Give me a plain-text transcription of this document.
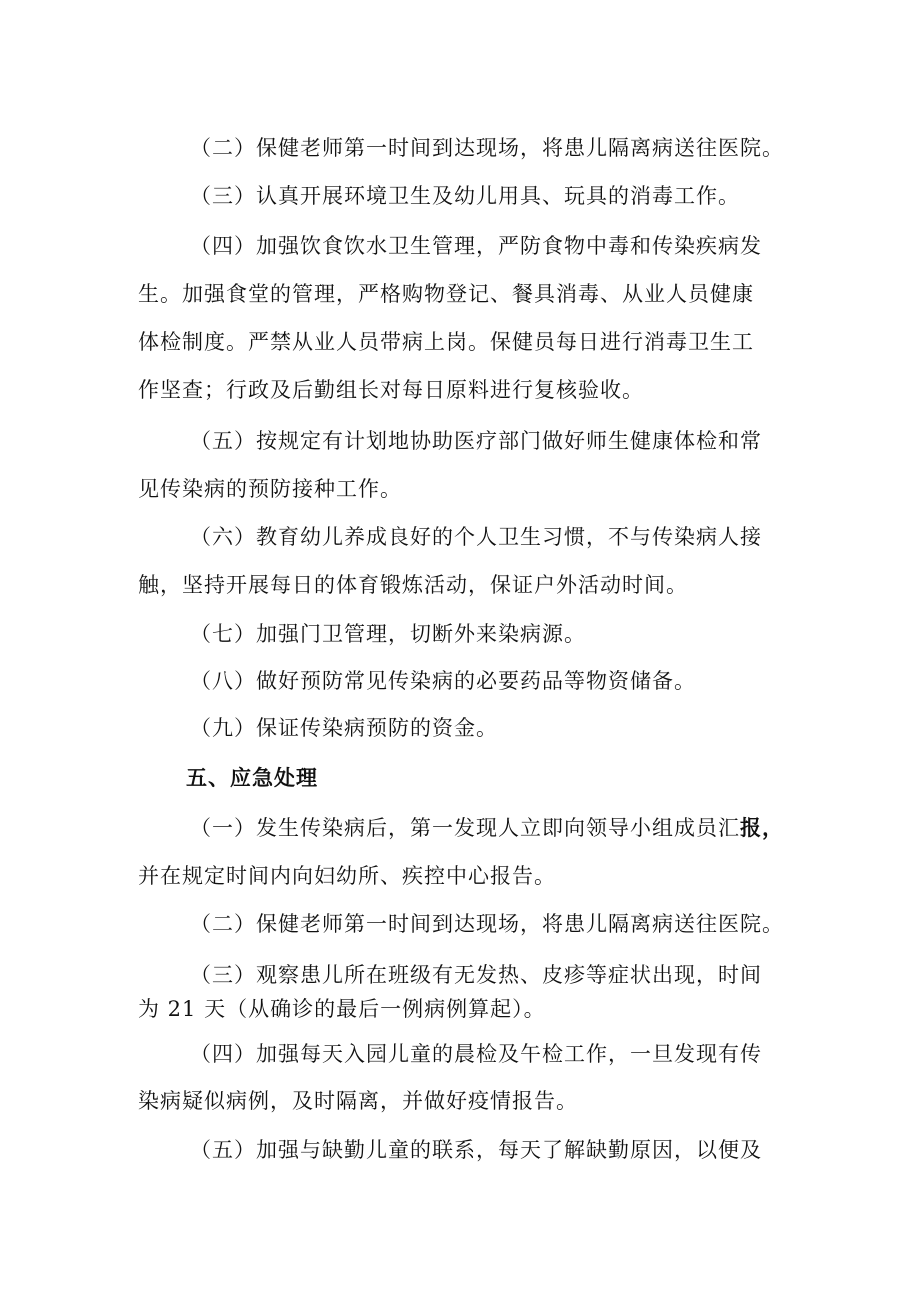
（二）保健老师第一时间到达现场，将患儿隔离病送往医院。
（三）认真开展环境卫生及幼儿用具、玩具的消毒工作。
（四）加强饮食饮水卫生管理，严防食物中毒和传染疾病发
生。加强食堂的管理，严格购物登记、餐具消毒、从业人员健康
体检制度。严禁从业人员带病上岗。保健员每日进行消毒卫生工
作坚查；行政及后勤组长对每日原料进行复核验收。
（五）按规定有计划地协助医疗部门做好师生健康体检和常
见传染病的预防接种工作。
（六）教育幼儿养成良好的个人卫生习惯，不与传染病人接
触，坚持开展每日的体育锻炼活动，保证户外活动时间。
（七）加强门卫管理，切断外来染病源。
（八）做好预防常见传染病的必要药品等物资储备。
（九）保证传染病预防的资金。
五、应急处理
（一）发生传染病后，第一发现人立即向领导小组成员汇报，
并在规定时间内向妇幼所、疾控中心报告。
（二）保健老师第一时间到达现场，将患儿隔离病送往医院。
（三）观察患儿所在班级有无发热、皮疹等症状出现，时间
为 21 天（从确诊的最后一例病例算起）。
（四）加强每天入园儿童的晨检及午检工作，一旦发现有传
染病疑似病例，及时隔离，并做好疫情报告。
（五）加强与缺勤儿童的联系，每天了解缺勤原因，以便及
